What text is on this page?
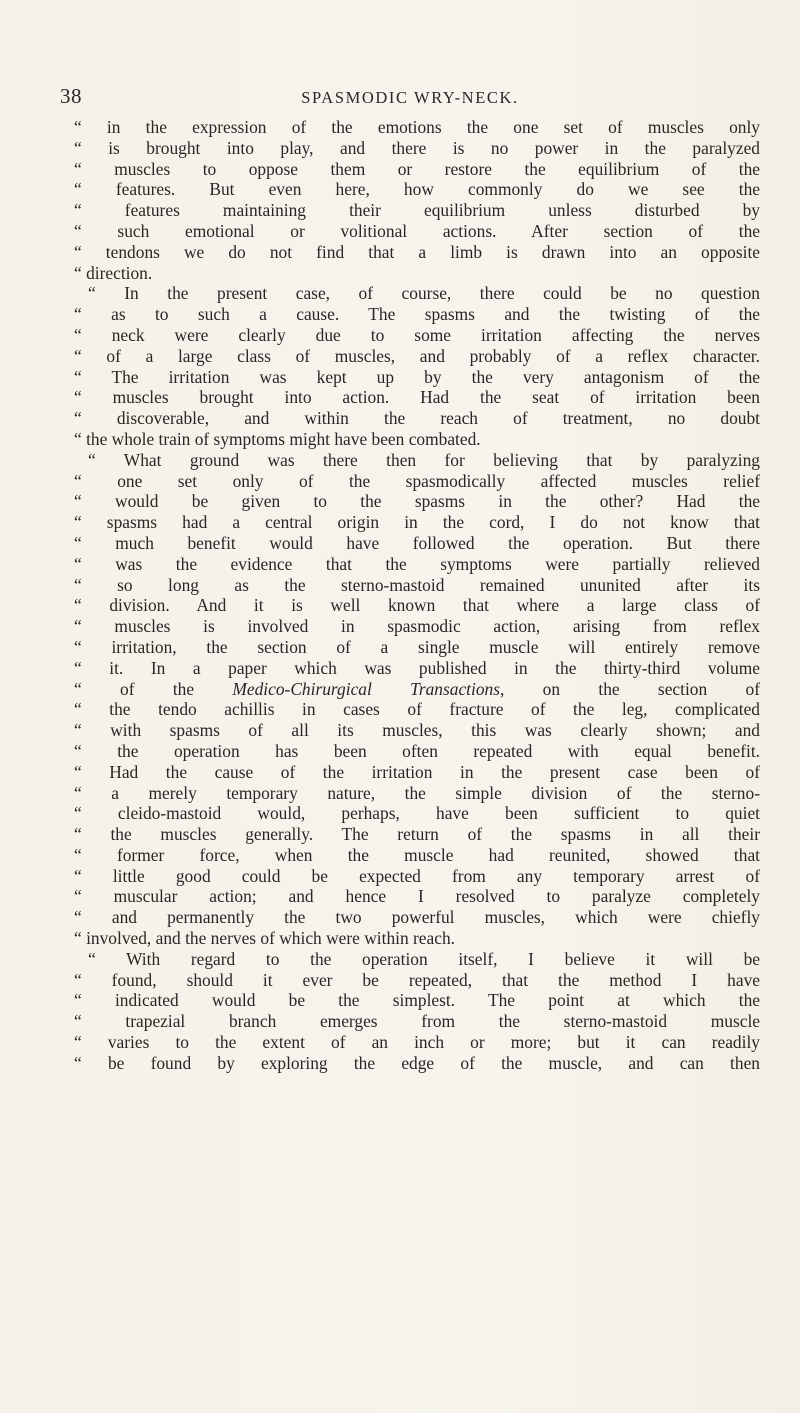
38	SPASMODIC WRY-NECK.
“ in the expression of the emotions the one set of muscles only
“ is brought into play, and there is no power in the paralyzed
“ muscles to oppose them or restore the equilibrium of the
“ features. But even here, how commonly do we see the
“ features maintaining their equilibrium unless disturbed by
“ such emotional or volitional actions. After section of the
“ tendons we do not find that a limb is drawn into an opposite
“ direction.
“ In the present case, of course, there could be no question
“ as to such a cause. The spasms and the twisting of the
“ neck were clearly due to some irritation affecting the nerves
“ of a large class of muscles, and probably of a reflex character.
“ The irritation was kept up by the very antagonism of the
“ muscles brought into action. Had the seat of irritation been
“ discoverable, and within the reach of treatment, no doubt
“ the whole train of symptoms might have been combated.
“ What ground was there then for believing that by paralyzing
“ one set only of the spasmodically affected muscles relief
“ would be given to the spasms in the other? Had the
“ spasms had a central origin in the cord, I do not know that
“ much benefit would have followed the operation. But there
“ was the evidence that the symptoms were partially relieved
“ so long as the sterno-mastoid remained ununited after its
“ division. And it is well known that where a large class of
“ muscles is involved in spasmodic action, arising from reflex
“ irritation, the section of a single muscle will entirely remove
“ it. In a paper which was published in the thirty-third volume
“ of the Medico-Chirurgical Transactions, on the section of
“ the tendo achillis in cases of fracture of the leg, complicated
“ with spasms of all its muscles, this was clearly shown; and
“ the operation has been often repeated with equal benefit.
“ Had the cause of the irritation in the present case been of
“ a merely temporary nature, the simple division of the sterno-
“ cleido-mastoid would, perhaps, have been sufficient to quiet
“ the muscles generally. The return of the spasms in all their
“ former force, when the muscle had reunited, showed that
“ little good could be expected from any temporary arrest of
“ muscular action; and hence I resolved to paralyze completely
“ and permanently the two powerful muscles, which were chiefly
“ involved, and the nerves of which were within reach.
“ With regard to the operation itself, I believe it will be
“ found, should it ever be repeated, that the method I have
“ indicated would be the simplest. The point at which the
“ trapezial branch emerges from the sterno-mastoid muscle
“ varies to the extent of an inch or more; but it can readily
“ be found by exploring the edge of the muscle, and can then
